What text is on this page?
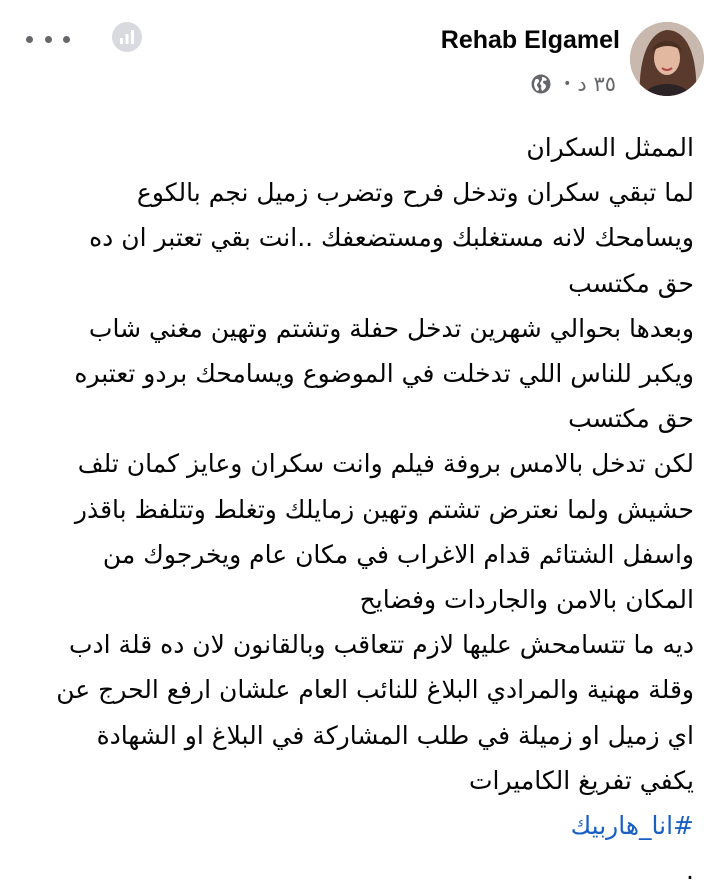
Rehab Elgamel
• ٣٥ د
الممثل السكران
لما تبقي سكران وتدخل فرح وتضرب زميل نجم بالكوع
ويسامحك لانه مستغلبك ومستضعفك ..انت بقي تعتبر ان ده
حق مكتسب
وبعدها بحوالي شهرين تدخل حفلة وتشتم وتهين مغني شاب
ويكبر للناس اللي تدخلت في الموضوع ويسامحك بردو تعتبره
حق مكتسب
لكن تدخل بالامس بروفة فيلم وانت سكران وعايز كمان تلف
حشيش ولما نعترض تشتم وتهين زمايلك وتغلط وتتلفظ باقذر
واسفل الشتائم قدام الاغراب في مكان عام ويخرجوك من
المكان بالامن والجاردات وفضايح
ديه ما تتسامحش عليها لازم تتعاقب وبالقانون لان ده قلة ادب
وقلة مهنية والمرادي البلاغ للنائب العام علشان ارفع الحرج عن
اي زميل او زميلة في طلب المشاركة في البلاغ او الشهادة
يكفي تفريغ الكاميرات
#انا_هاربيك
.
